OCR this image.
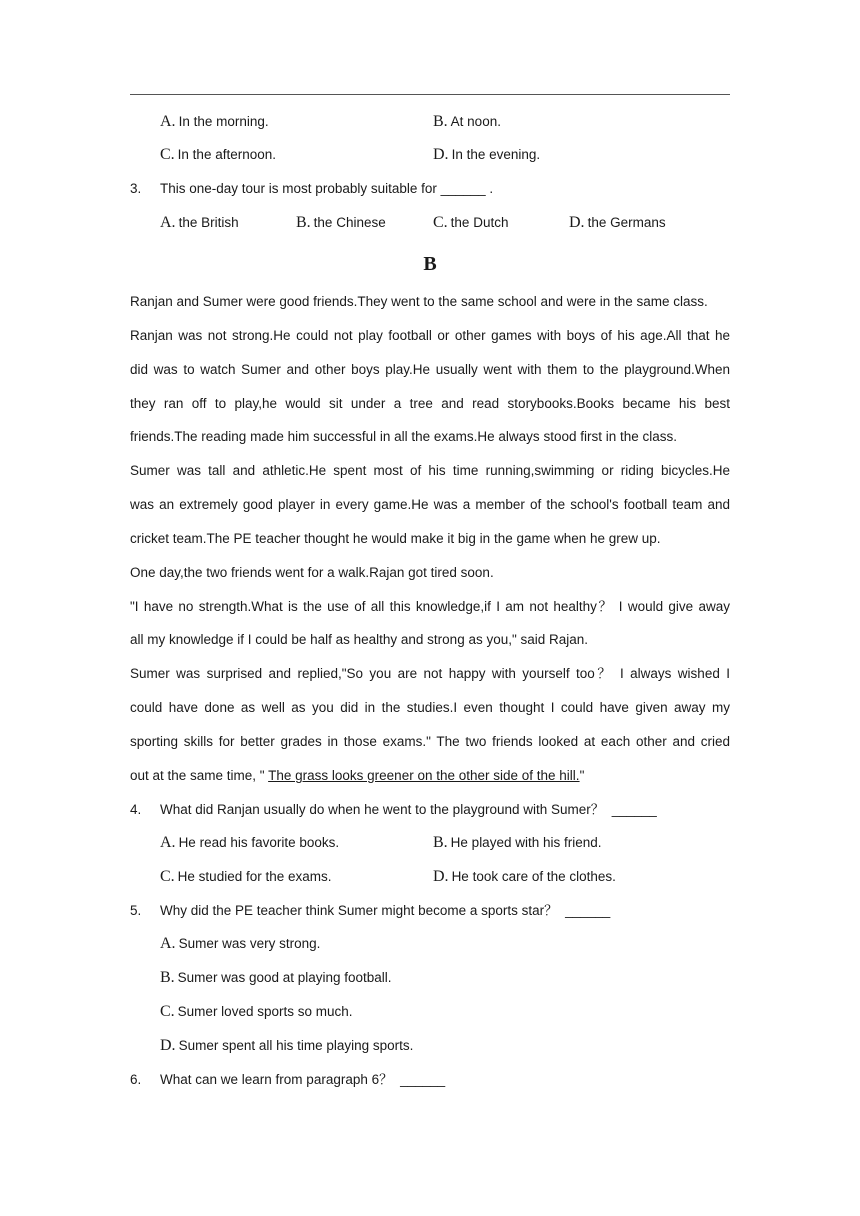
A. In the morning.	B. At noon.
C. In the afternoon.	D. In the evening.
3. This one-day tour is most probably suitable for ______ .
A. the British	B. the Chinese	C. the Dutch	D. the Germans
B
Ranjan and Sumer were good friends.They went to the same school and were in the same class.
Ranjan was not strong.He could not play football or other games with boys of his age.All that he
did was to watch Sumer and other boys play.He usually went with them to the playground.When
they ran off to play,he would sit under a tree and read storybooks.Books became his best
friends.The reading made him successful in all the exams.He always stood first in the class.
Sumer was tall and athletic.He spent most of his time running,swimming or riding bicycles.He
was an extremely good player in every game.He was a member of the school's football team and
cricket team.The PE teacher thought he would make it big in the game when he grew up.
One day,the two friends went for a walk.Rajan got tired soon.
"I have no strength.What is the use of all this knowledge,if I am not healthy？ I would give away
all my knowledge if I could be half as healthy and strong as you," said Rajan.
Sumer was surprised and replied,"So you are not happy with yourself too？ I always wished I
could have done as well as you did in the studies.I even thought I could have given away my
sporting skills for better grades in those exams." The two friends looked at each other and cried
out at the same time, " The grass looks greener on the other side of the hill."
4. What did Ranjan usually do when he went to the playground with Sumer？  ______
A. He read his favorite books.	B. He played with his friend.
C. He studied for the exams.	D. He took care of the clothes.
5. Why did the PE teacher think Sumer might become a sports star？  ______
A. Sumer was very strong.
B. Sumer was good at playing football.
C. Sumer loved sports so much.
D. Sumer spent all his time playing sports.
6. What can we learn from paragraph 6？  ______
